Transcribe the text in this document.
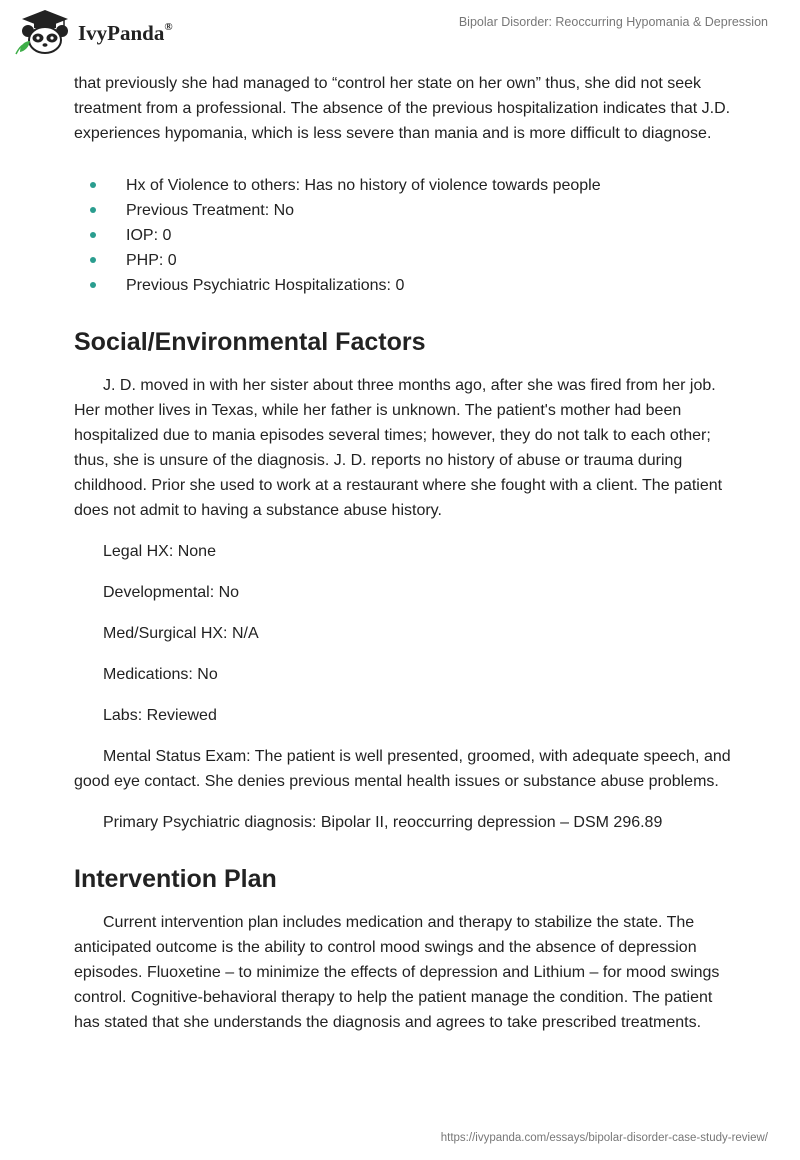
IvyPanda®	Bipolar Disorder: Reoccurring Hypomania & Depression

that previously she had managed to “control her state on her own” thus, she did not seek treatment from a professional. The absence of the previous hospitalization indicates that J.D. experiences hypomania, which is less severe than mania and is more difficult to diagnose.

Hx of Violence to others: Has no history of violence towards people
Previous Treatment: No
IOP: 0
PHP: 0
Previous Psychiatric Hospitalizations: 0
Social/Environmental Factors

J. D. moved in with her sister about three months ago, after she was fired from her job. Her mother lives in Texas, while her father is unknown. The patient's mother had been hospitalized due to mania episodes several times; however, they do not talk to each other; thus, she is unsure of the diagnosis. J. D. reports no history of abuse or trauma during childhood. Prior she used to work at a restaurant where she fought with a client. The patient does not admit to having a substance abuse history.

Legal HX: None

Developmental: No

Med/Surgical HX: N/A

Medications: No

Labs: Reviewed

Mental Status Exam: The patient is well presented, groomed, with adequate speech, and good eye contact. She denies previous mental health issues or substance abuse problems.

Primary Psychiatric diagnosis: Bipolar II, reoccurring depression – DSM 296.89

Intervention Plan

Current intervention plan includes medication and therapy to stabilize the state. The anticipated outcome is the ability to control mood swings and the absence of depression episodes. Fluoxetine – to minimize the effects of depression and Lithium – for mood swings control. Cognitive-behavioral therapy to help the patient manage the condition. The patient has stated that she understands the diagnosis and agrees to take prescribed treatments.

https://ivypanda.com/essays/bipolar-disorder-case-study-review/
